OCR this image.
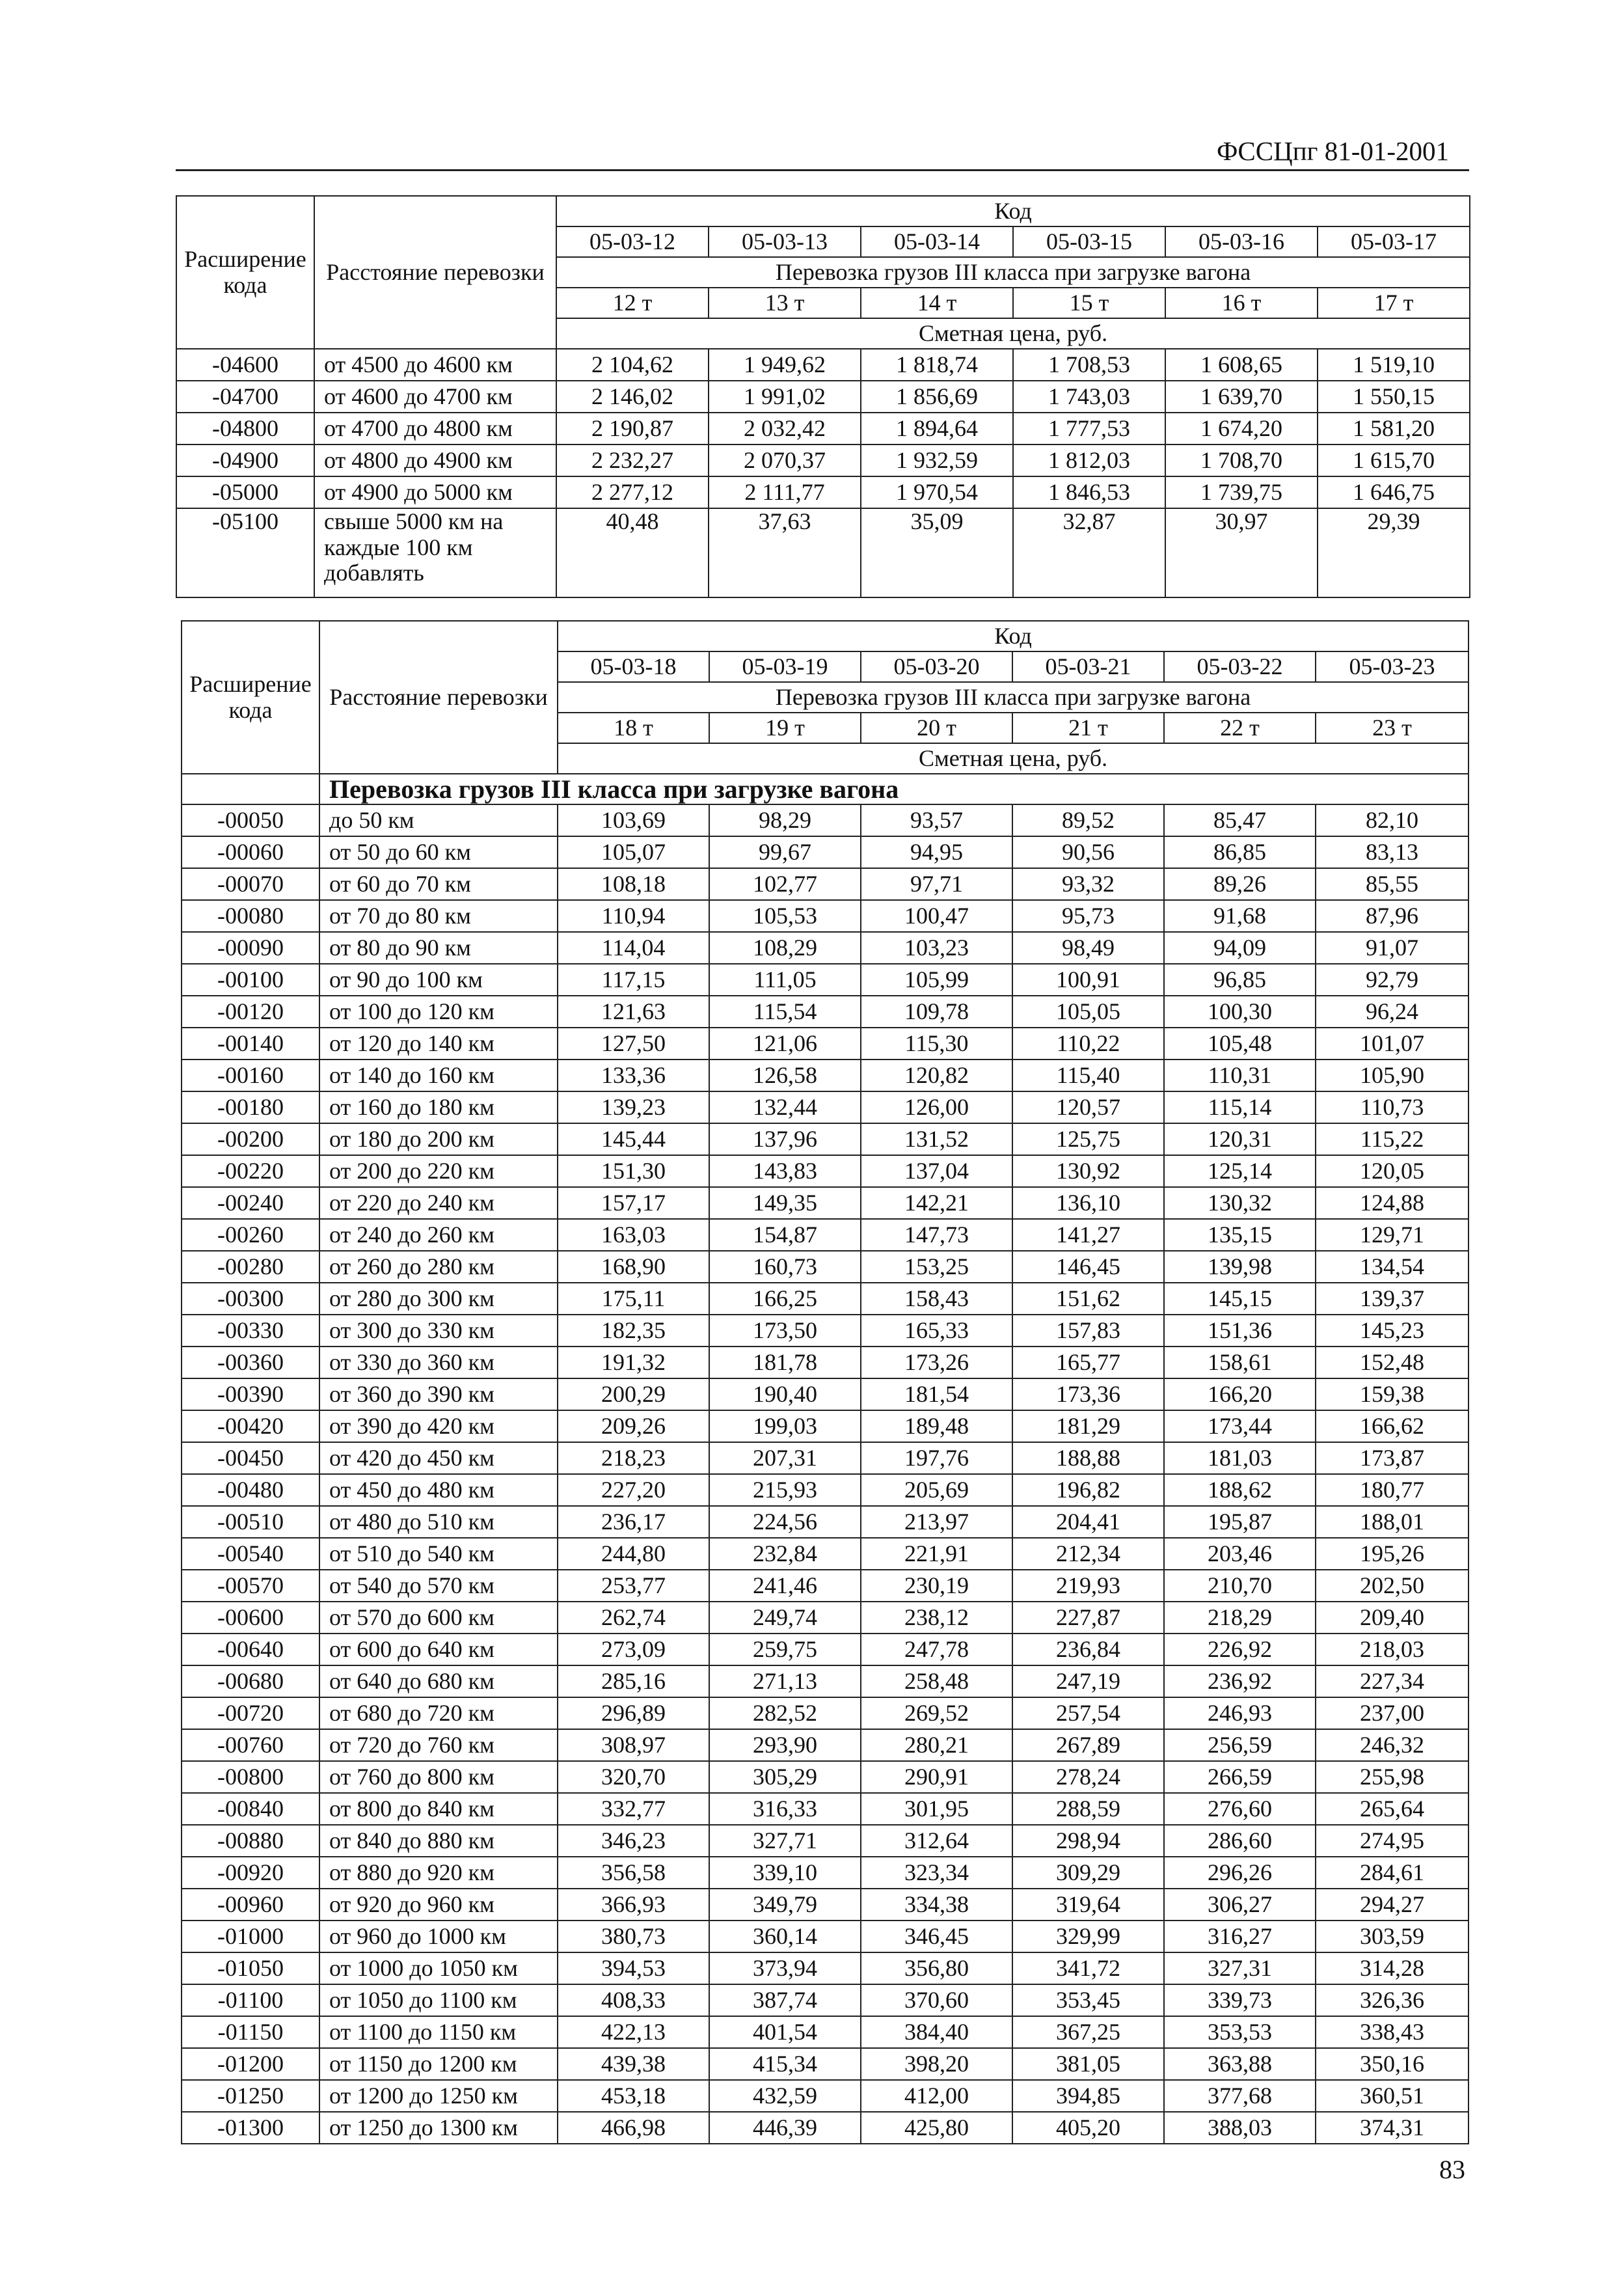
ФССЦпг 81-01-2001
Расширение кода	Расстояние перевозки	Код					
		05-03-12	05-03-13	05-03-14	05-03-15	05-03-16	05-03-17
		Перевозка грузов III класса при загрузке вагона					
		12 т	13 т	14 т	15 т	16 т	17 т
		Сметная цена, руб.					
-04600	от 4500 до 4600 км	2 104,62	1 949,62	1 818,74	1 708,53	1 608,65	1 519,10
-04700	от 4600 до 4700 км	2 146,02	1 991,02	1 856,69	1 743,03	1 639,70	1 550,15
-04800	от 4700 до 4800 км	2 190,87	2 032,42	1 894,64	1 777,53	1 674,20	1 581,20
-04900	от 4800 до 4900 км	2 232,27	2 070,37	1 932,59	1 812,03	1 708,70	1 615,70
-05000	от 4900 до 5000 км	2 277,12	2 111,77	1 970,54	1 846,53	1 739,75	1 646,75
-05100	свыше 5000 км на каждые 100 км добавлять	40,48	37,63	35,09	32,87	30,97	29,39
Расширение кода	Расстояние перевозки	Код					
		05-03-18	05-03-19	05-03-20	05-03-21	05-03-22	05-03-23
		Перевозка грузов III класса при загрузке вагона					
		18 т	19 т	20 т	21 т	22 т	23 т
		Сметная цена, руб.					
	Перевозка грузов III класса при загрузке вагона						
-00050	до 50 км	103,69	98,29	93,57	89,52	85,47	82,10
-00060	от 50 до 60 км	105,07	99,67	94,95	90,56	86,85	83,13
-00070	от 60 до 70 км	108,18	102,77	97,71	93,32	89,26	85,55
-00080	от 70 до 80 км	110,94	105,53	100,47	95,73	91,68	87,96
-00090	от 80 до 90 км	114,04	108,29	103,23	98,49	94,09	91,07
-00100	от 90 до 100 км	117,15	111,05	105,99	100,91	96,85	92,79
-00120	от 100 до 120 км	121,63	115,54	109,78	105,05	100,30	96,24
-00140	от 120 до 140 км	127,50	121,06	115,30	110,22	105,48	101,07
-00160	от 140 до 160 км	133,36	126,58	120,82	115,40	110,31	105,90
-00180	от 160 до 180 км	139,23	132,44	126,00	120,57	115,14	110,73
-00200	от 180 до 200 км	145,44	137,96	131,52	125,75	120,31	115,22
-00220	от 200 до 220 км	151,30	143,83	137,04	130,92	125,14	120,05
-00240	от 220 до 240 км	157,17	149,35	142,21	136,10	130,32	124,88
-00260	от 240 до 260 км	163,03	154,87	147,73	141,27	135,15	129,71
-00280	от 260 до 280 км	168,90	160,73	153,25	146,45	139,98	134,54
-00300	от 280 до 300 км	175,11	166,25	158,43	151,62	145,15	139,37
-00330	от 300 до 330 км	182,35	173,50	165,33	157,83	151,36	145,23
-00360	от 330 до 360 км	191,32	181,78	173,26	165,77	158,61	152,48
-00390	от 360 до 390 км	200,29	190,40	181,54	173,36	166,20	159,38
-00420	от 390 до 420 км	209,26	199,03	189,48	181,29	173,44	166,62
-00450	от 420 до 450 км	218,23	207,31	197,76	188,88	181,03	173,87
-00480	от 450 до 480 км	227,20	215,93	205,69	196,82	188,62	180,77
-00510	от 480 до 510 км	236,17	224,56	213,97	204,41	195,87	188,01
-00540	от 510 до 540 км	244,80	232,84	221,91	212,34	203,46	195,26
-00570	от 540 до 570 км	253,77	241,46	230,19	219,93	210,70	202,50
-00600	от 570 до 600 км	262,74	249,74	238,12	227,87	218,29	209,40
-00640	от 600 до 640 км	273,09	259,75	247,78	236,84	226,92	218,03
-00680	от 640 до 680 км	285,16	271,13	258,48	247,19	236,92	227,34
-00720	от 680 до 720 км	296,89	282,52	269,52	257,54	246,93	237,00
-00760	от 720 до 760 км	308,97	293,90	280,21	267,89	256,59	246,32
-00800	от 760 до 800 км	320,70	305,29	290,91	278,24	266,59	255,98
-00840	от 800 до 840 км	332,77	316,33	301,95	288,59	276,60	265,64
-00880	от 840 до 880 км	346,23	327,71	312,64	298,94	286,60	274,95
-00920	от 880 до 920 км	356,58	339,10	323,34	309,29	296,26	284,61
-00960	от 920 до 960 км	366,93	349,79	334,38	319,64	306,27	294,27
-01000	от 960 до 1000 км	380,73	360,14	346,45	329,99	316,27	303,59
-01050	от 1000 до 1050 км	394,53	373,94	356,80	341,72	327,31	314,28
-01100	от 1050 до 1100 км	408,33	387,74	370,60	353,45	339,73	326,36
-01150	от 1100 до 1150 км	422,13	401,54	384,40	367,25	353,53	338,43
-01200	от 1150 до 1200 км	439,38	415,34	398,20	381,05	363,88	350,16
-01250	от 1200 до 1250 км	453,18	432,59	412,00	394,85	377,68	360,51
-01300	от 1250 до 1300 км	466,98	446,39	425,80	405,20	388,03	374,31
83
